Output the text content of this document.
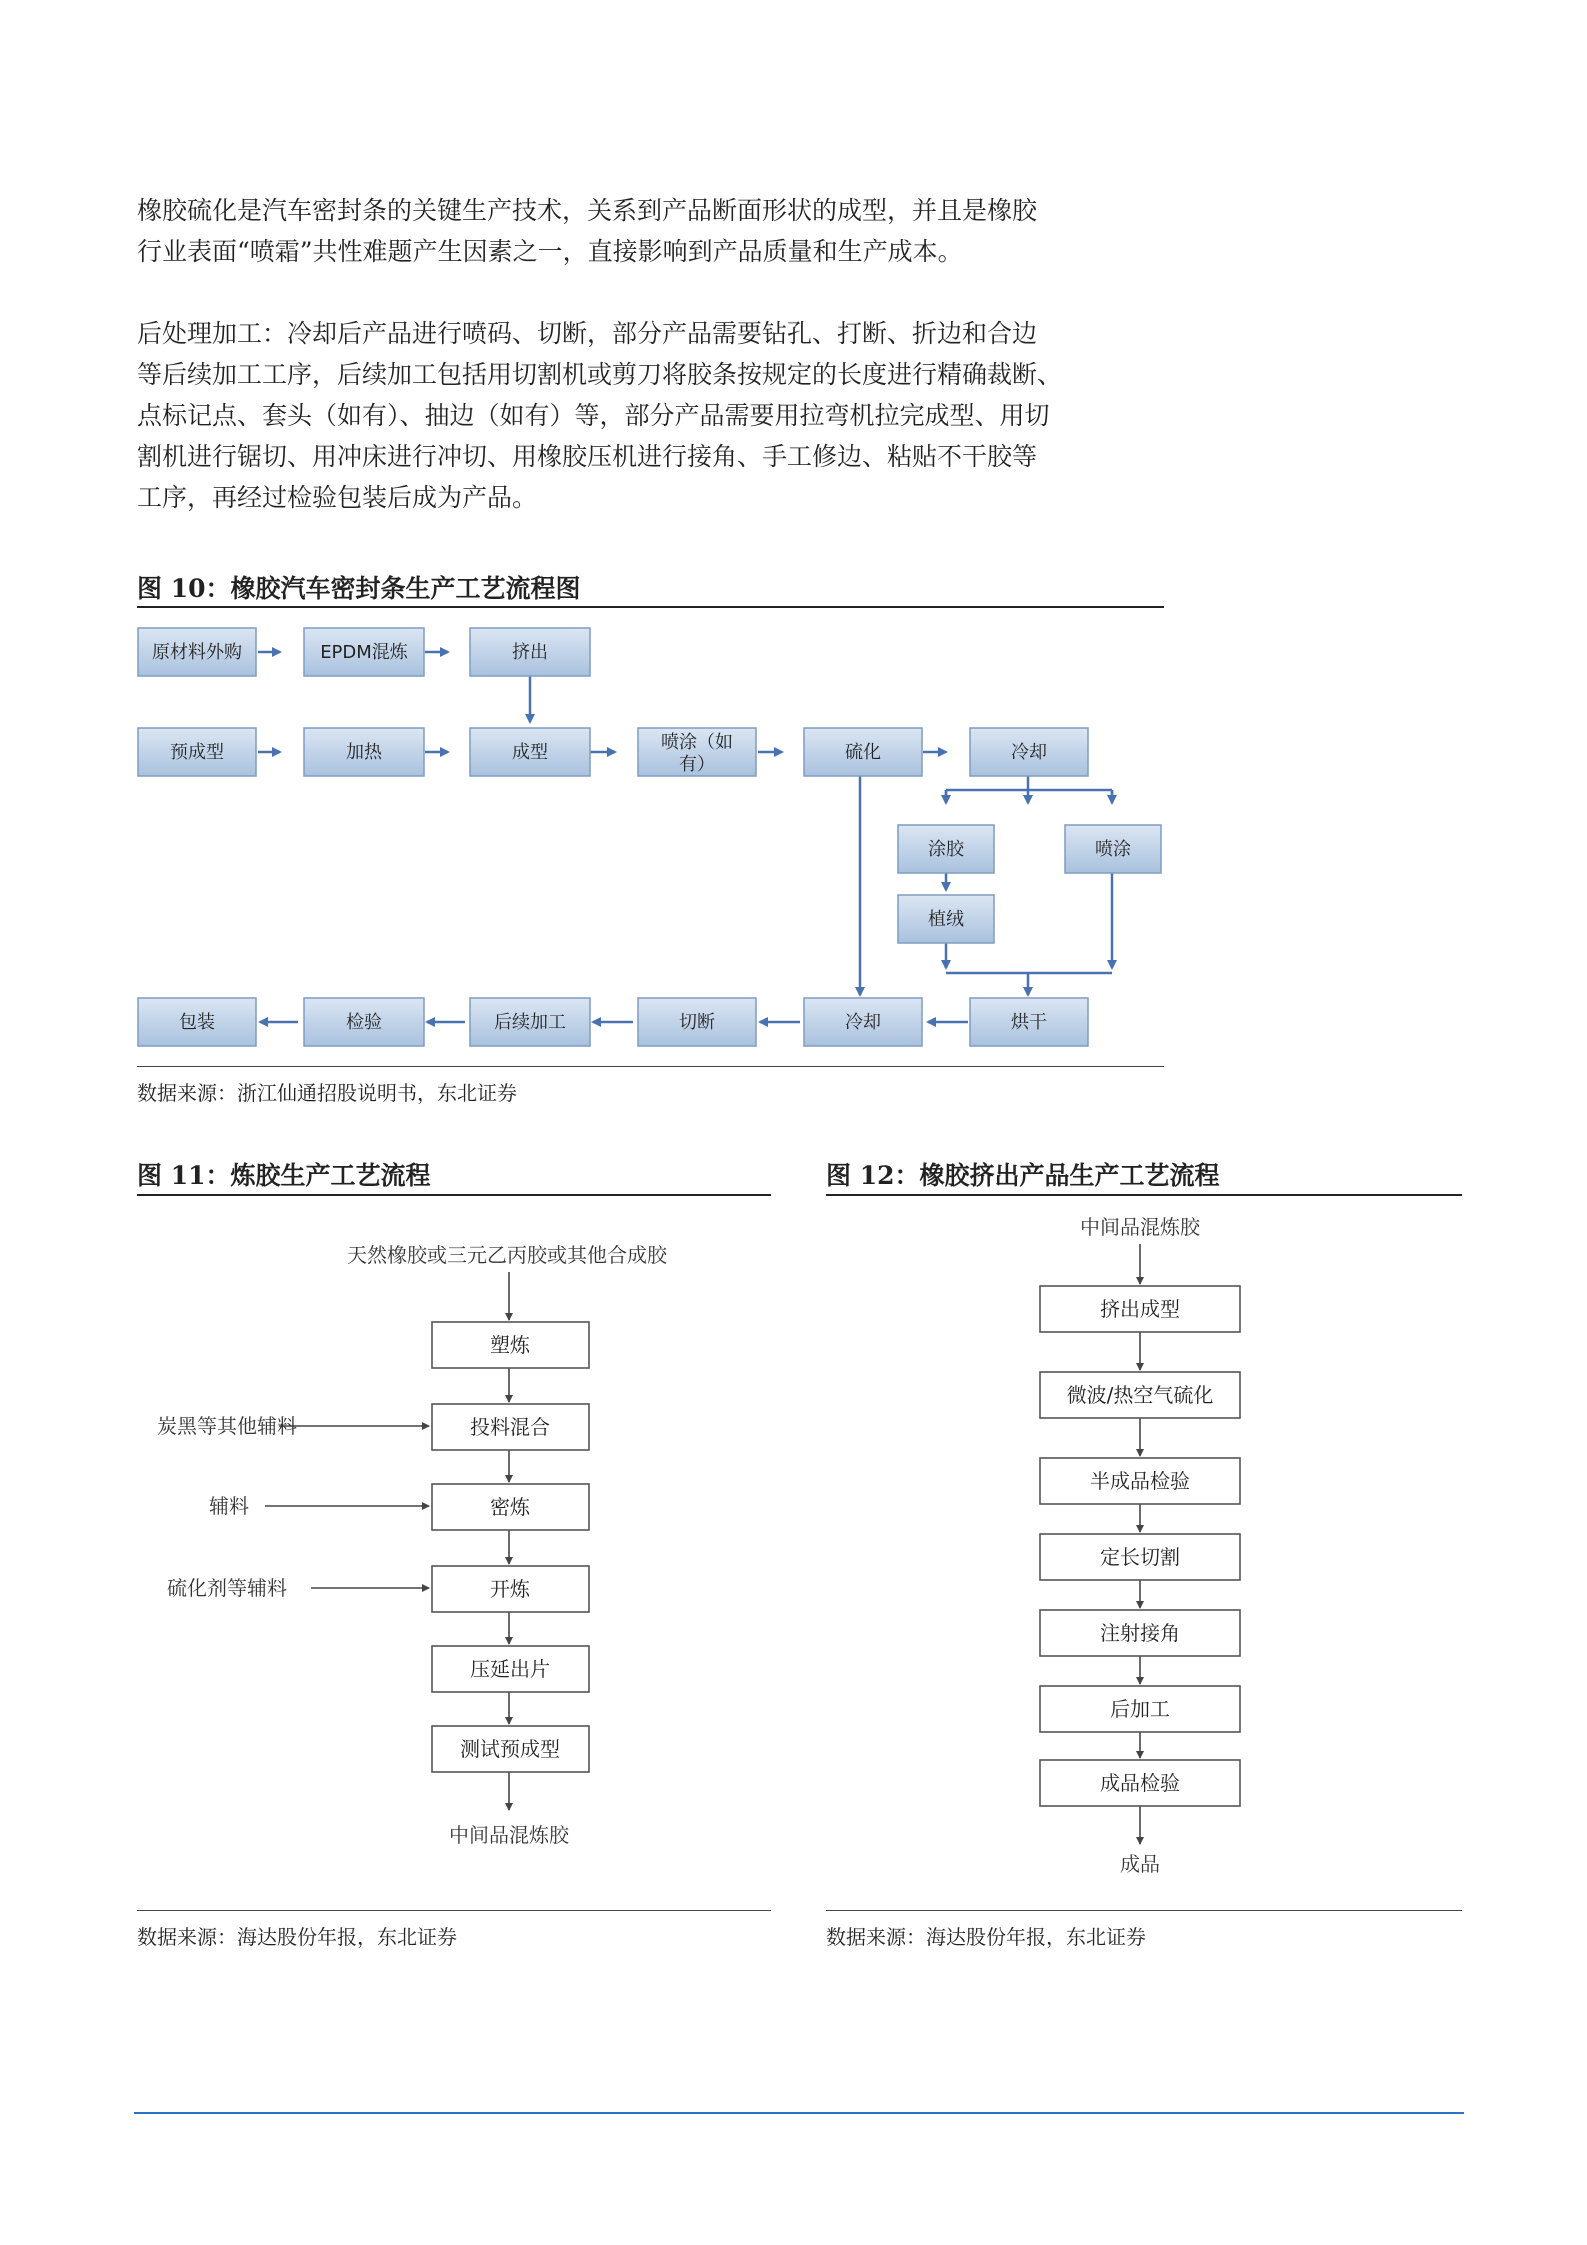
橡胶硫化是汽车密封条的关键生产技术，关系到产品断面形状的成型，并且是橡胶
行业表面“喷霜”共性难题产生因素之一，直接影响到产品质量和生产成本。
后处理加工：冷却后产品进行喷码、切断，部分产品需要钻孔、打断、折边和合边
等后续加工工序，后续加工包括用切割机或剪刀将胶条按规定的长度进行精确裁断、
点标记点、套头（如有）、抽边（如有）等，部分产品需要用拉弯机拉完成型、用切
割机进行锯切、用冲床进行冲切、用橡胶压机进行接角、手工修边、粘贴不干胶等
工序，再经过检验包装后成为产品。
图 10：橡胶汽车密封条生产工艺流程图
原材料外购	EPDM混炼	挤出
预成型	加热	成型	喷涂（如
有）
硫化	冷却
涂胶	喷涂
植绒
包装	检验	后续加工	切断	冷却	烘干
数据来源：浙江仙通招股说明书，东北证券
图 11：炼胶生产工艺流程
天然橡胶或三元乙丙胶或其他合成胶
中间品混炼胶
塑炼
投料混合
密炼
开炼
压延出片
测试预成型
炭黑等其他辅料
辅料
硫化剂等辅料
数据来源：海达股份年报，东北证券
图 12：橡胶挤出产品生产工艺流程
中间品混炼胶
成品
挤出成型
微波/热空气硫化
半成品检验
定长切割
注射接角
后加工
成品检验
数据来源：海达股份年报，东北证券
